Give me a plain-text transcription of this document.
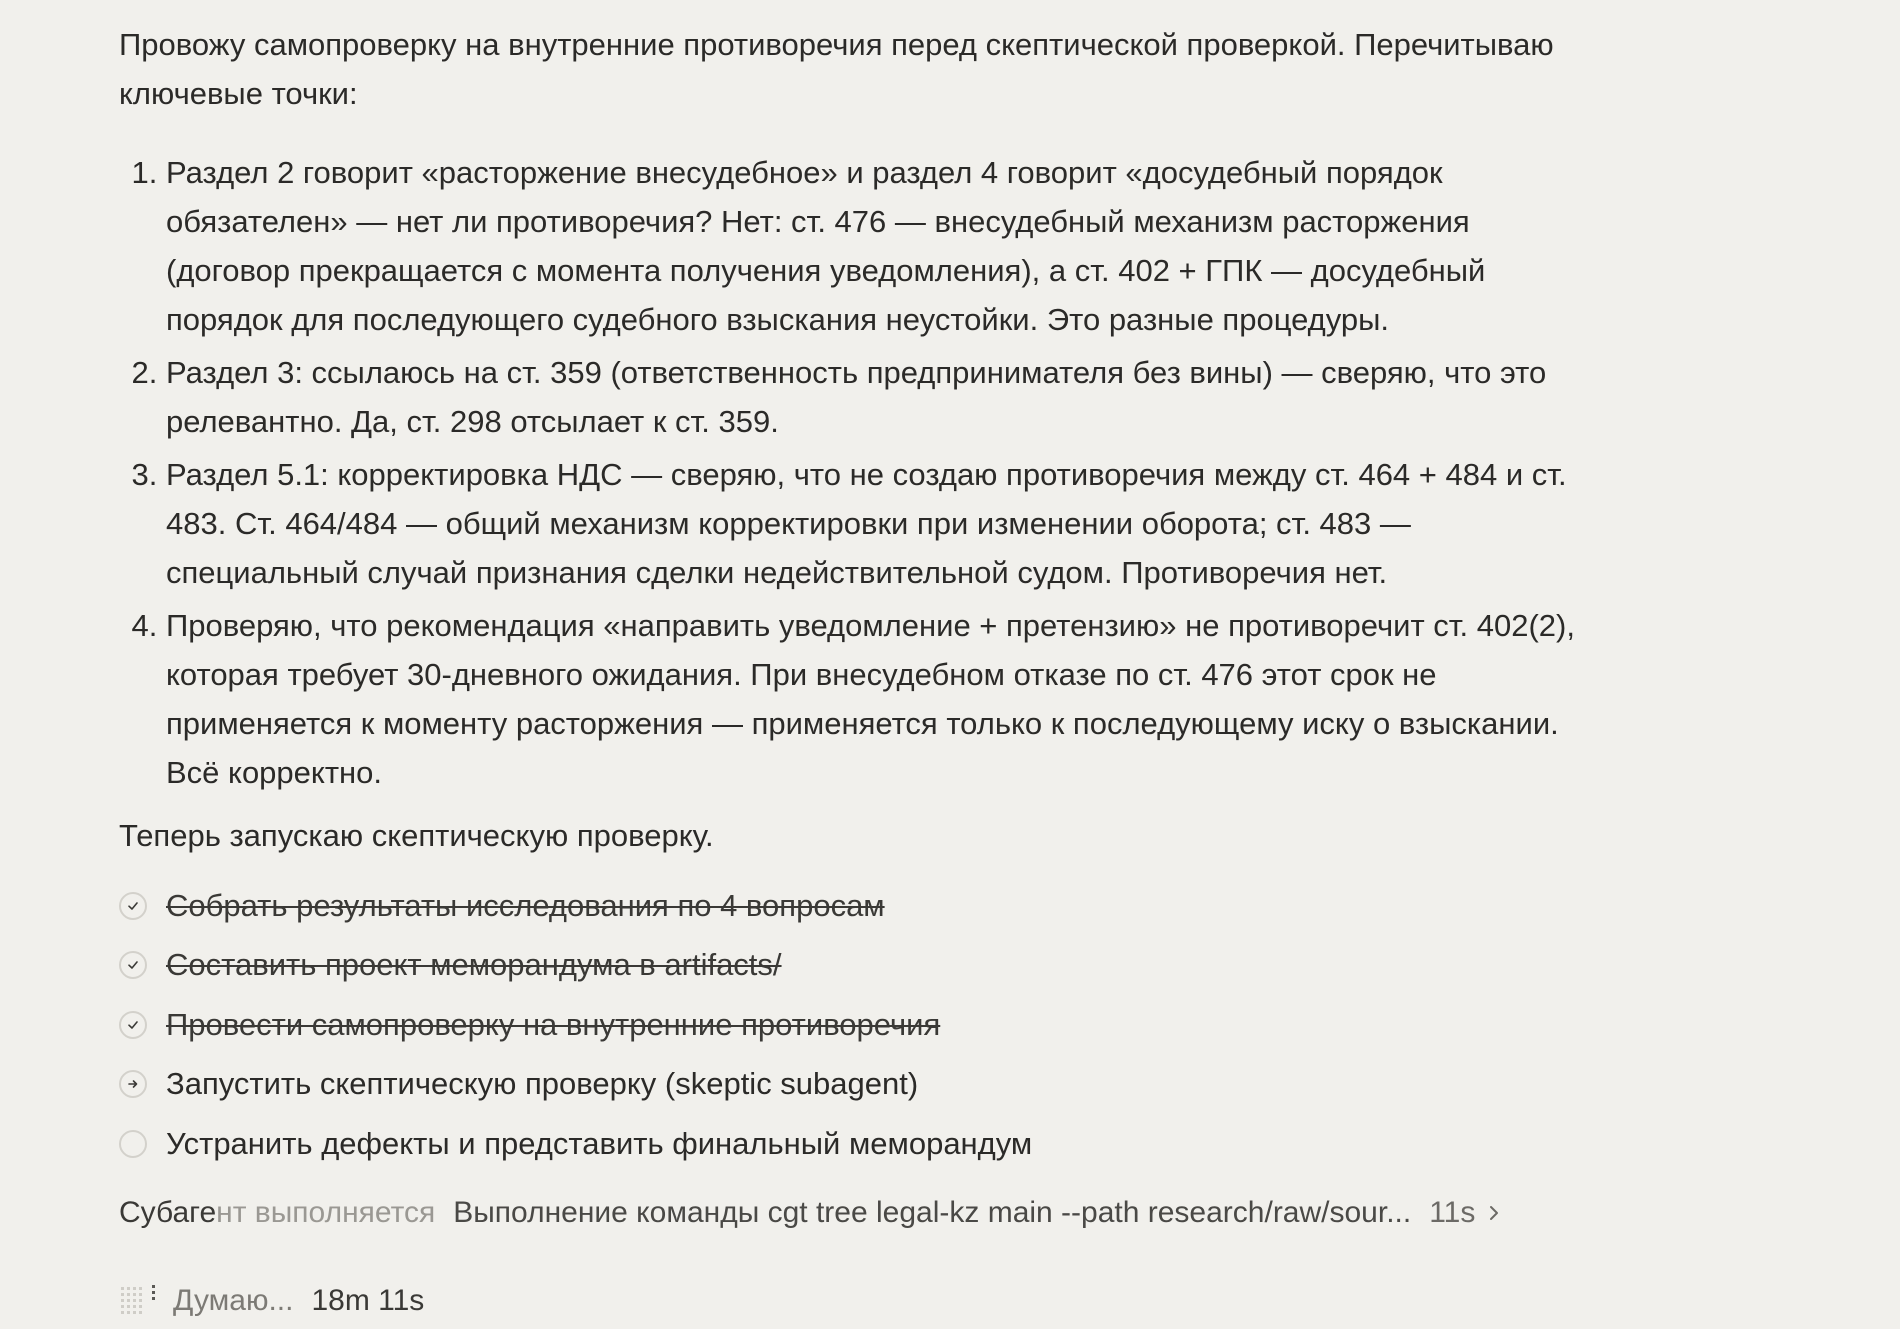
Провожу самопроверку на внутренние противоречия перед скептической проверкой. Перечитываю ключевые точки:

1. Раздел 2 говорит «расторжение внесудебное» и раздел 4 говорит «досудебный порядок обязателен» — нет ли противоречия? Нет: ст. 476 — внесудебный механизм расторжения (договор прекращается с момента получения уведомления), а ст. 402 + ГПК — досудебный порядок для последующего судебного взыскания неустойки. Это разные процедуры.
2. Раздел 3: ссылаюсь на ст. 359 (ответственность предпринимателя без вины) — сверяю, что это релевантно. Да, ст. 298 отсылает к ст. 359.
3. Раздел 5.1: корректировка НДС — сверяю, что не создаю противоречия между ст. 464 + 484 и ст. 483. Ст. 464/484 — общий механизм корректировки при изменении оборота; ст. 483 — специальный случай признания сделки недействительной судом. Противоречия нет.
4. Проверяю, что рекомендация «направить уведомление + претензию» не противоречит ст. 402(2), которая требует 30-дневного ожидания. При внесудебном отказе по ст. 476 этот срок не применяется к моменту расторжения — применяется только к последующему иску о взыскании. Всё корректно.

Теперь запускаю скептическую проверку.

Собрать результаты исследования по 4 вопросам
Составить проект меморандума в artifacts/
Провести самопроверку на внутренние противоречия
Запустить скептическую проверку (skeptic subagent)
Устранить дефекты и представить финальный меморандум
Субаге нт выполняется Выполнение команды cgt tree legal-kz main --path research/raw/sour... 11s
Думаю... 18m 11s
